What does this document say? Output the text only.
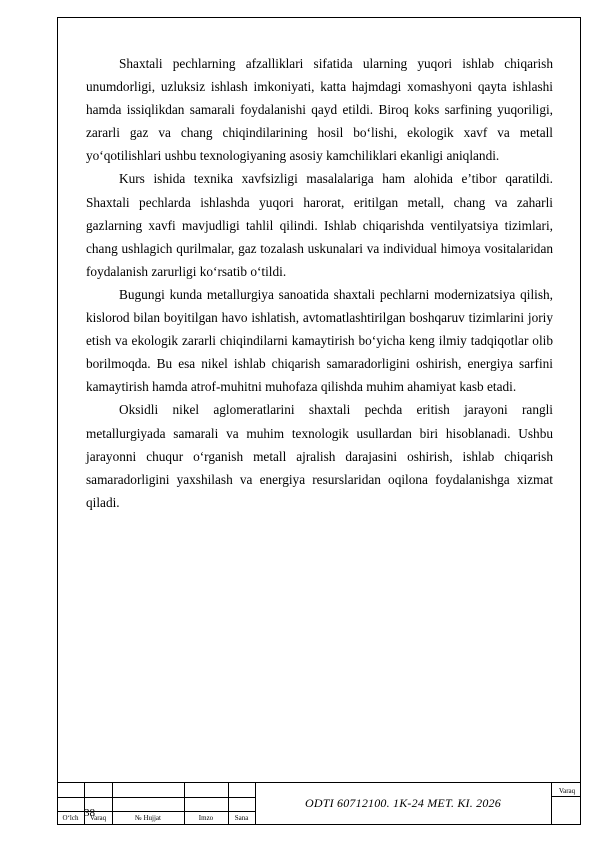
Shaxtali pechlarning afzalliklari sifatida ularning yuqori ishlab chiqarish unumdorligi, uzluksiz ishlash imkoniyati, katta hajmdagi xomashyoni qayta ishlashi hamda issiqlikdan samarali foydalanishi qayd etildi. Biroq koks sarfining yuqoriligi, zararli gaz va chang chiqindilarining hosil bo‘lishi, ekologik xavf va metall yo‘qotilishlari ushbu texnologiyaning asosiy kamchiliklari ekanligi aniqlandi.

Kurs ishida texnika xavfsizligi masalalariga ham alohida e’tibor qaratildi. Shaxtali pechlarda ishlashda yuqori harorat, eritilgan metall, chang va zaharli gazlarning xavfi mavjudligi tahlil qilindi. Ishlab chiqarishda ventilyatsiya tizimlari, chang ushlagich qurilmalar, gaz tozalash uskunalari va individual himoya vositalaridan foydalanish zarurligi ko‘rsatib o‘tildi.

Bugungi kunda metallurgiya sanoatida shaxtali pechlarni modernizatsiya qilish, kislorod bilan boyitilgan havo ishlatish, avtomatlashtirilgan boshqaruv tizimlarini joriy etish va ekologik zararli chiqindilarni kamaytirish bo‘yicha keng ilmiy tadqiqotlar olib borilmoqda. Bu esa nikel ishlab chiqarish samaradorligini oshirish, energiya sarfini kamaytirish hamda atrof-muhitni muhofaza qilishda muhim ahamiyat kasb etadi.

Oksidli nikel aglomeratlarini shaxtali pechda eritish jarayoni rangli metallurgiyada samarali va muhim texnologik usullardan biri hisoblanadi. Ushbu jarayonni chuqur o‘rganish metall ajralish darajasini oshirish, ishlab chiqarish samaradorligini yaxshilash va energiya resurslaridan oqilona foydalanishga xizmat qiladi.

38
O‘lch	Varaq	№ Hujjat	Imzo	Sana
ODTI 60712100. 1K-24 MET. KI. 2026
Varaq
